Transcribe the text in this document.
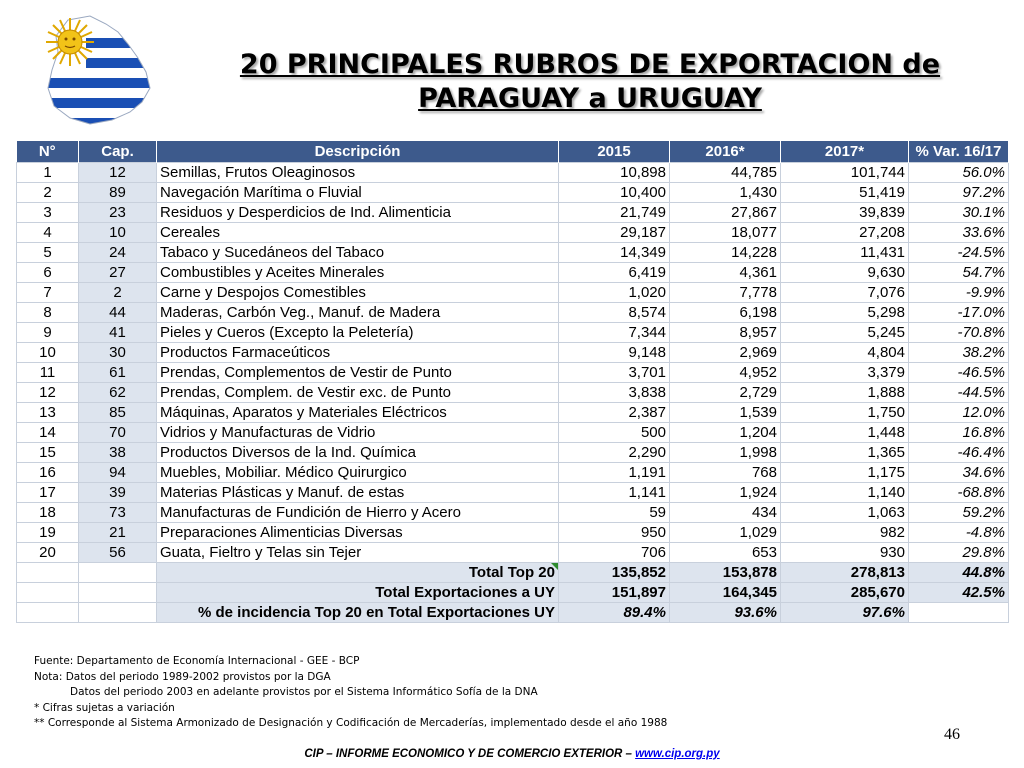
20 PRINCIPALES RUBROS DE EXPORTACION de
PARAGUAY a URUGUAY
N°	Cap.	Descripción	2015	2016*	2017*	% Var. 16/17
1	12	Semillas, Frutos Oleaginosos	10,898	44,785	101,744	56.0%
2	89	Navegación Marítima o Fluvial	10,400	1,430	51,419	97.2%
3	23	Residuos y Desperdicios de Ind. Alimenticia	21,749	27,867	39,839	30.1%
4	10	Cereales	29,187	18,077	27,208	33.6%
5	24	Tabaco y Sucedáneos del Tabaco	14,349	14,228	11,431	-24.5%
6	27	Combustibles y Aceites Minerales	6,419	4,361	9,630	54.7%
7	2	Carne y Despojos Comestibles	1,020	7,778	7,076	-9.9%
8	44	Maderas, Carbón Veg., Manuf. de Madera	8,574	6,198	5,298	-17.0%
9	41	Pieles y Cueros (Excepto la Peletería)	7,344	8,957	5,245	-70.8%
10	30	Productos Farmaceúticos	9,148	2,969	4,804	38.2%
11	61	Prendas, Complementos de Vestir de Punto	3,701	4,952	3,379	-46.5%
12	62	Prendas, Complem. de Vestir exc. de Punto	3,838	2,729	1,888	-44.5%
13	85	Máquinas, Aparatos y Materiales Eléctricos	2,387	1,539	1,750	12.0%
14	70	Vidrios y Manufacturas de Vidrio	500	1,204	1,448	16.8%
15	38	Productos Diversos de la Ind. Química	2,290	1,998	1,365	-46.4%
16	94	Muebles, Mobiliar. Médico Quirurgico	1,191	768	1,175	34.6%
17	39	Materias Plásticas y Manuf. de estas	1,141	1,924	1,140	-68.8%
18	73	Manufacturas de Fundición de Hierro y Acero	59	434	1,063	59.2%
19	21	Preparaciones Alimenticias Diversas	950	1,029	982	-4.8%
20	56	Guata, Fieltro y Telas sin Tejer	706	653	930	29.8%
		Total Top 20	135,852	153,878	278,813	44.8%
		Total Exportaciones a UY	151,897	164,345	285,670	42.5%
		% de incidencia Top 20 en Total Exportaciones UY	89.4%	93.6%	97.6%	
Fuente: Departamento de Economía Internacional - GEE - BCP
Nota: Datos del periodo 1989-2002 provistos por la DGA
Datos del periodo 2003 en adelante provistos por el Sistema Informático Sofía de la DNA
* Cifras sujetas a variación
** Corresponde al Sistema Armonizado de Designación y Codificación de Mercaderías, implementado desde el año 1988
46
CIP – INFORME ECONOMICO Y DE COMERCIO EXTERIOR – www.cip.org.py
